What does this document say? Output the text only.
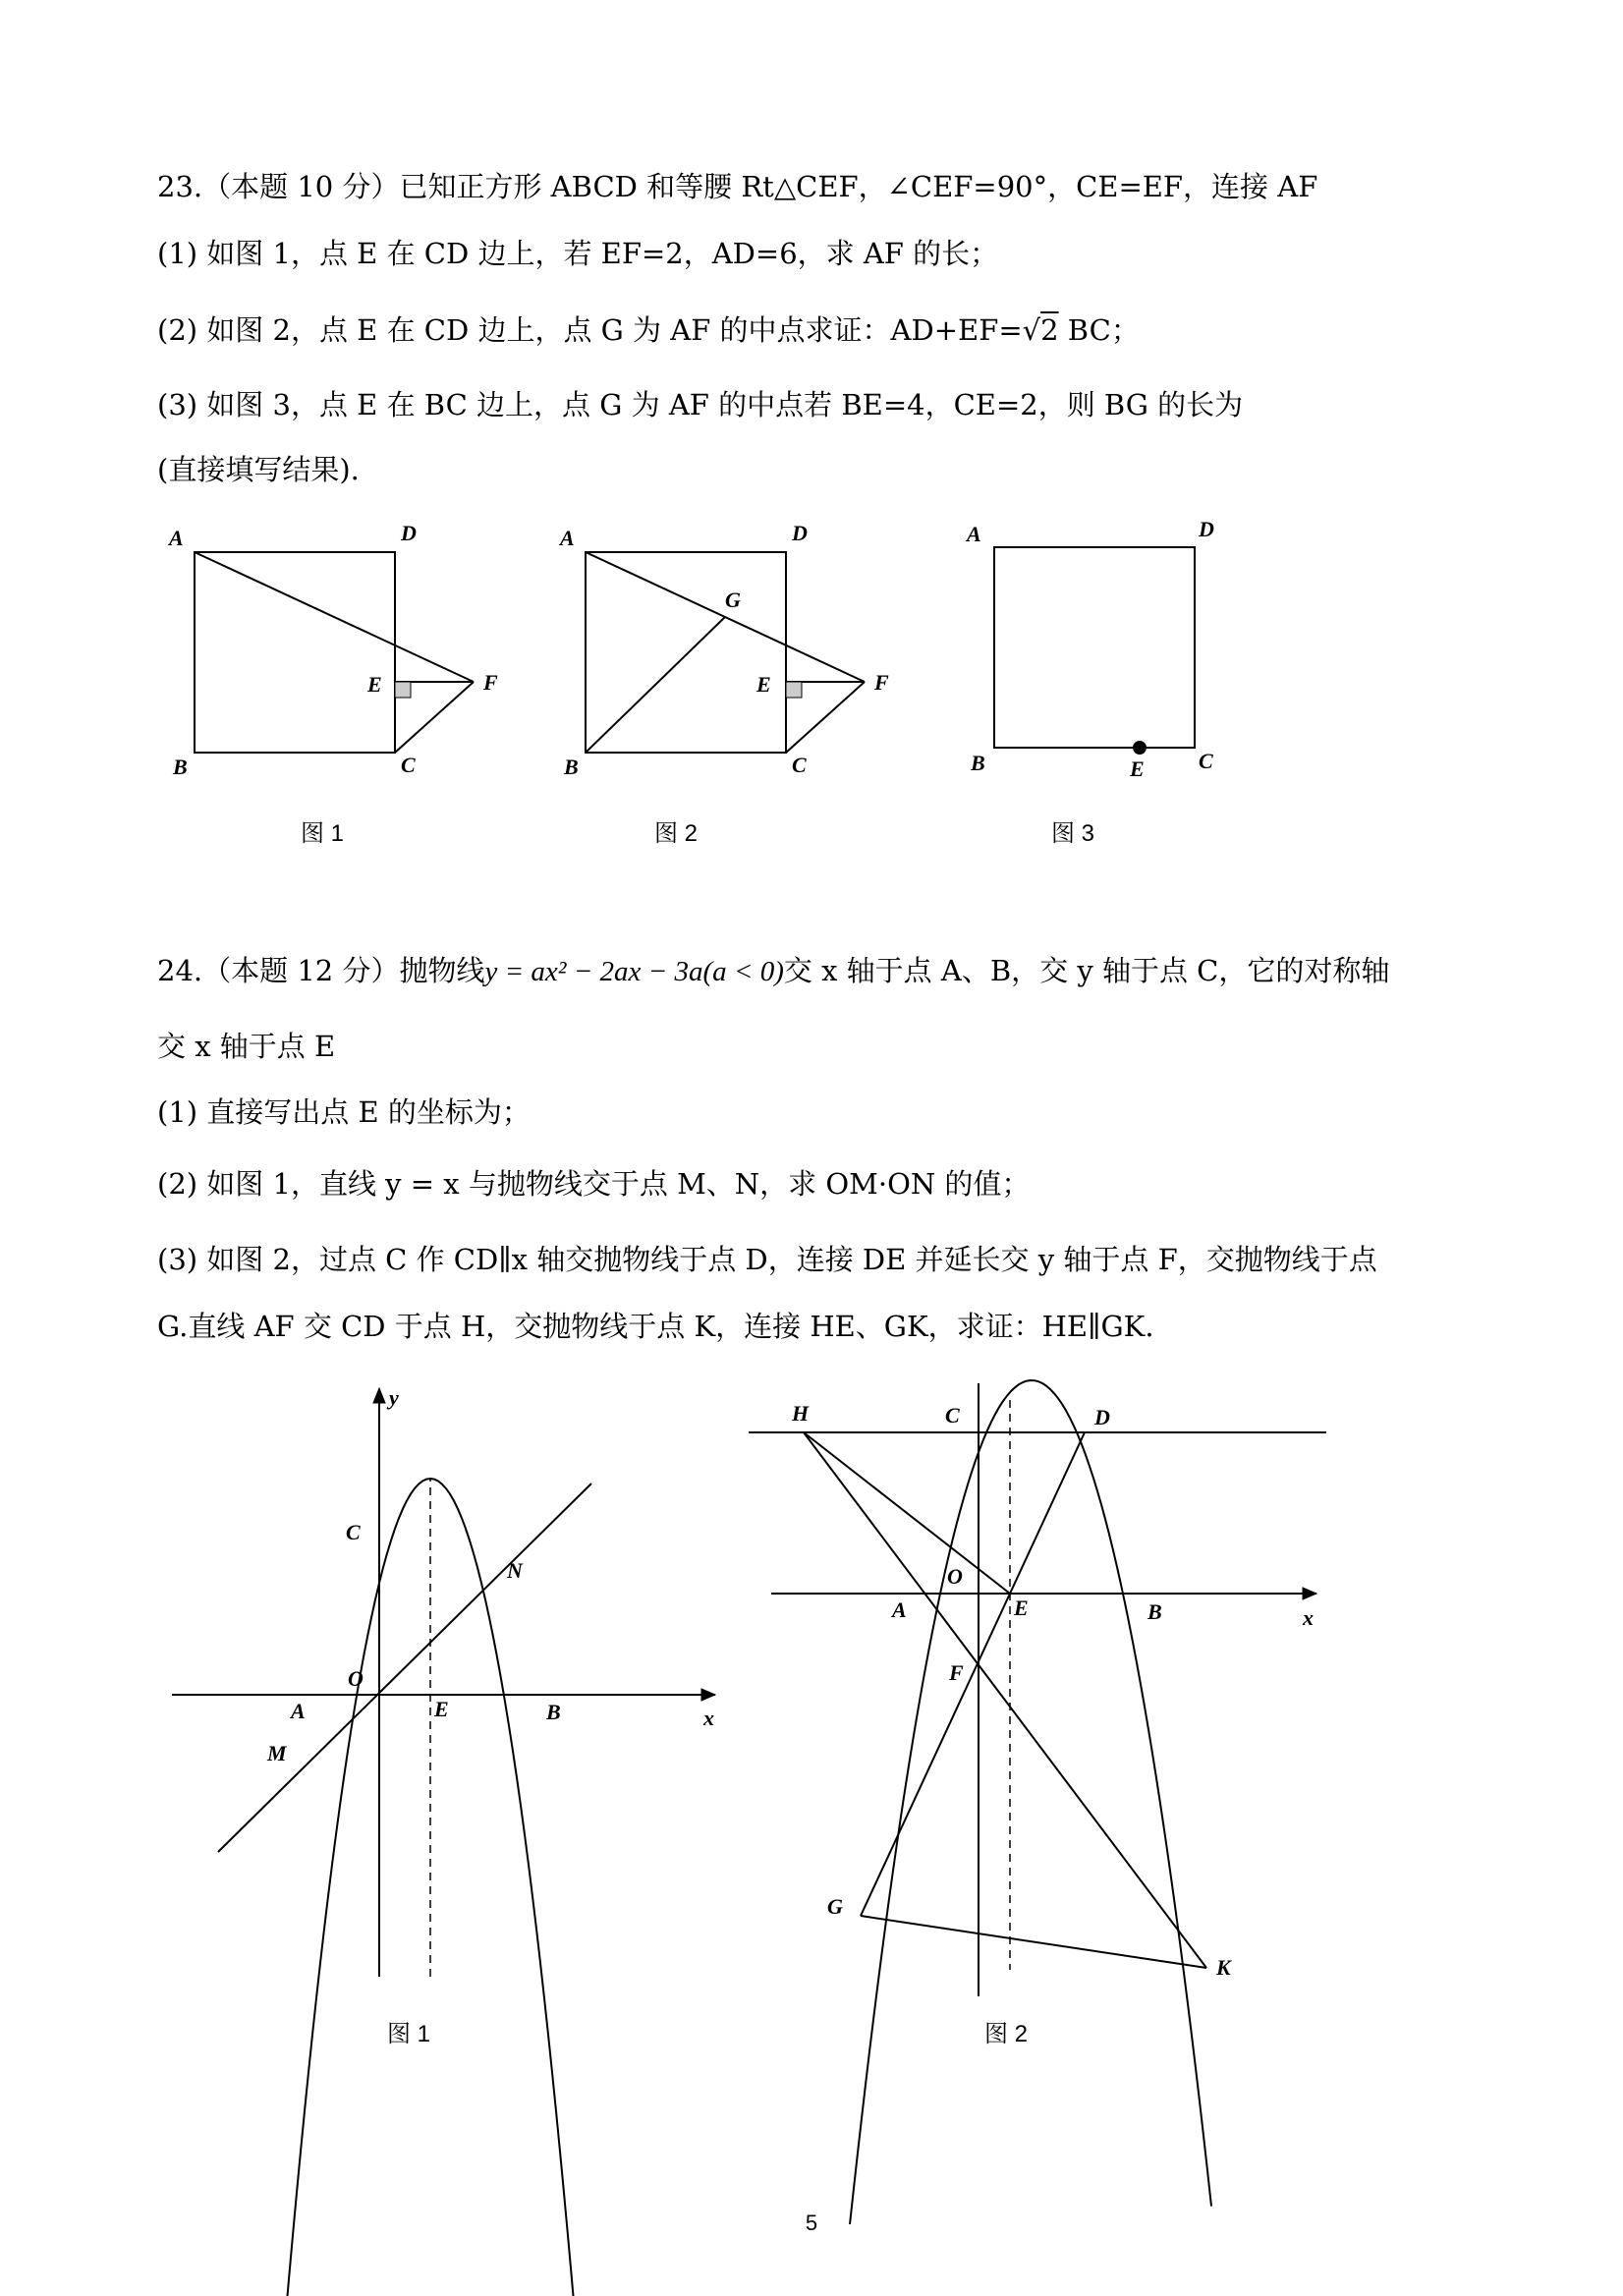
23.（本题 10 分）已知正方形 ABCD 和等腰 Rt△CEF，∠CEF=90°，CE=EF，连接 AF
(1) 如图 1，点 E 在 CD 边上，若 EF=2，AD=6，求 AF 的长；
(2) 如图 2，点 E 在 CD 边上，点 G 为 AF 的中点求证：AD+EF=√2 BC；
(3) 如图 3，点 E 在 BC 边上，点 G 为 AF 的中点若 BE=4，CE=2，则 BG 的长为
(直接填写结果).
24.（本题 12 分）抛物线y = ax² − 2ax − 3a(a < 0)交 x 轴于点 A、B，交 y 轴于点 C，它的对称轴
交 x 轴于点 E
(1) 直接写出点 E 的坐标为；
(2) 如图 1，直线 y = x 与抛物线交于点 M、N，求 OM·ON 的值；
(3) 如图 2，过点 C 作 CD∥x 轴交抛物线于点 D，连接 DE 并延长交 y 轴于点 F，交抛物线于点
G.直线 AF 交 CD 于点 H，交抛物线于点 K，连接 HE、GK，求证：HE∥GK.
A	D
E	F
B	C
A	D
G
E	F
B	C
A	D
B	E	C
y
C
N
O
A	E	B	x
M
H	C	D
O
A	E	B	x
F
G
K
图 1	图 2	图 3
图 1	图 2
5
